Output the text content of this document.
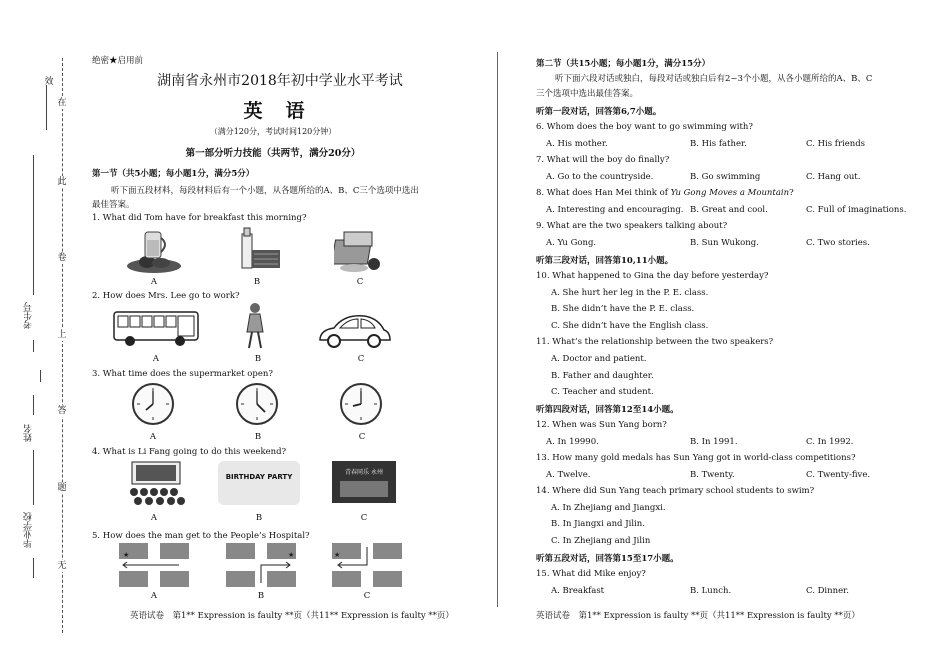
在
此
卷
上
答
题
无
效
考生号
姓名
毕业学校
绝密★启用前
湖南省永州市2018年初中学业水平考试
英　语
（满分120分，考试时间120分钟）
第一部分听力技能（共两节，满分20分）
第一节（共5小题；每小题1分，满分5分）
听下面五段材料，每段材料后有一个小题，从各题所给的A、B、C三个选项中选出
最佳答案。
1. What did Tom have for breakfast this morning?
A	B	C
2. How does Mrs. Lee go to work?
A	B	C
3. What time does the supermarket open?
A	B	C
4. What is Li Fang going to do this weekend?
BIRTHDAY PARTY
青春同乐 永州
A	B	C
5. How does the man get to the People’s Hospital?
★	★	★
A	B	C
英语试卷　第1** Expression is faulty **页（共11** Expression is faulty **页）
第二节（共15小题；每小题1分，满分15分）
听下面六段对话或独白，每段对话或独白后有2~3个小题，从各小题所给的A、B、C
三个选项中选出最佳答案。
听第一段对话，回答第6,7小题。
6. Whom does the boy want to go swimming with?
A. His mother.	B. His father.	C. His friends
7. What will the boy do finally?
A. Go to the countryside.	B. Go swimming	C. Hang out.
8. What does Han Mei think of Yu Gong Moves a Mountain?
A. Interesting and encouraging. B. Great and cool.	C. Full of imaginations.
9. What are the two speakers talking about?
A. Yu Gong.	B. Sun Wukong.	C. Two stories.
听第三段对话，回答第10,11小题。
10. What happened to Gina the day before yesterday?
A. She hurt her leg in the P. E. class.
B. She didn’t have the P. E. class.
C. She didn’t have the English class.
11. What’s the relationship between the two speakers?
A. Doctor and patient.
B. Father and daughter.
C. Teacher and student.
听第四段对话，回答第12至14小题。
12. When was Sun Yang born?
A. In 19990.	B. In 1991.	C. In 1992.
13. How many gold medals has Sun Yang got in world-class competitions?
A. Twelve.	B. Twenty.	C. Twenty-five.
14. Where did Sun Yang teach primary school students to swim?
A. In Zhejiang and Jiangxi.
B. In Jiangxi and Jilin.
C. In Zhejiang and Jilin
听第五段对话，回答第15至17小题。
15. What did Mike enjoy?
A. Breakfast	B. Lunch.	C. Dinner.
英语试卷　第1** Expression is faulty **页（共11** Expression is faulty **页）
